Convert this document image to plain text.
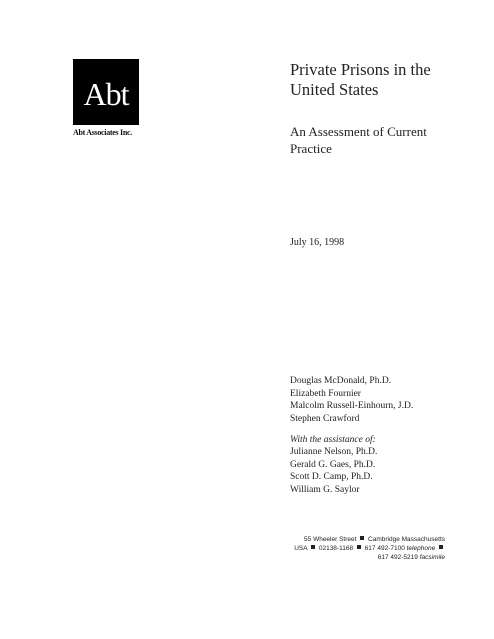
Abt
Abt Associates Inc.
Private Prisons in the
United States
An Assessment of Current
Practice
July 16, 1998
Douglas McDonald, Ph.D.
Elizabeth Fournier
Malcolm Russell-Einhourn, J.D.
Stephen Crawford
With the assistance of:
Julianne Nelson, Ph.D.
Gerald G. Gaes, Ph.D.
Scott D. Camp, Ph.D.
William G. Saylor
55 Wheeler Street Cambridge Massachusetts
USA 02138-1168 617 492-7100 telephone
617 492-5219 facsimile
